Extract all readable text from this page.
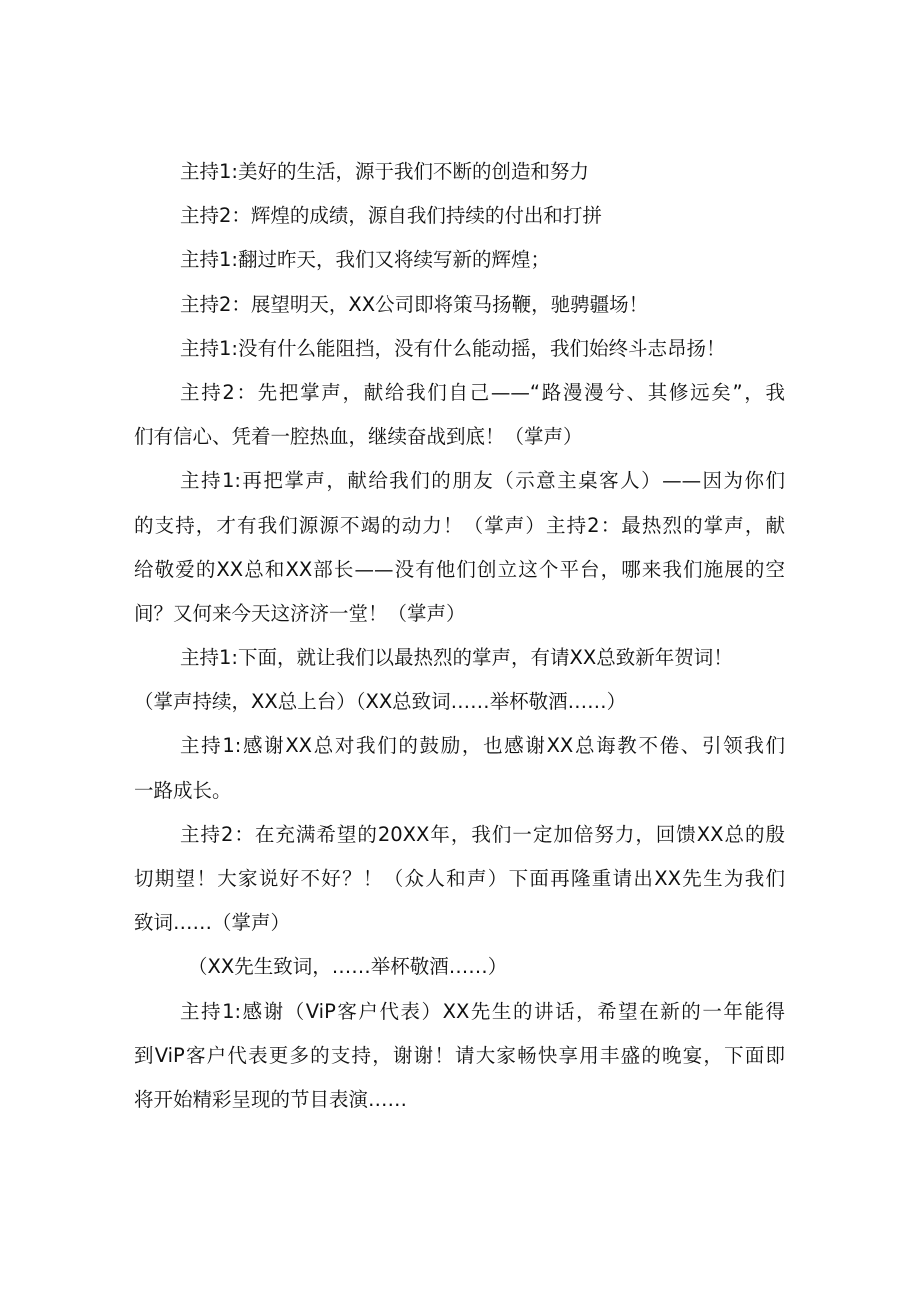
主持1:美好的生活，源于我们不断的创造和努力
主持2：辉煌的成绩，源自我们持续的付出和打拼
主持1:翻过昨天，我们又将续写新的辉煌；
主持2：展望明天，XX公司即将策马扬鞭，驰骋疆场！
主持1:没有什么能阻挡，没有什么能动摇，我们始终斗志昂扬！
主持2：先把掌声，献给我们自己——“路漫漫兮、其修远矣”，我
们有信心、凭着一腔热血，继续奋战到底！（掌声）
主持1:再把掌声，献给我们的朋友（示意主桌客人）——因为你们
的支持，才有我们源源不竭的动力！（掌声）主持2：最热烈的掌声，献
给敬爱的XX总和XX部长——没有他们创立这个平台，哪来我们施展的空
间？又何来今天这济济一堂！（掌声）
主持1:下面，就让我们以最热烈的掌声，有请XX总致新年贺词！
（掌声持续，XX总上台）（XX总致词……举杯敬酒……）
主持1:感谢XX总对我们的鼓励，也感谢XX总诲教不倦、引领我们
一路成长。
主持2：在充满希望的20XX年，我们一定加倍努力，回馈XX总的殷
切期望！大家说好不好？！（众人和声）下面再隆重请出XX先生为我们
致词……（掌声）
（XX先生致词，……举杯敬酒……）
主持1:感谢（ViP客户代表）XX先生的讲话，希望在新的一年能得
到ViP客户代表更多的支持，谢谢！请大家畅快享用丰盛的晚宴，下面即
将开始精彩呈现的节目表演……
